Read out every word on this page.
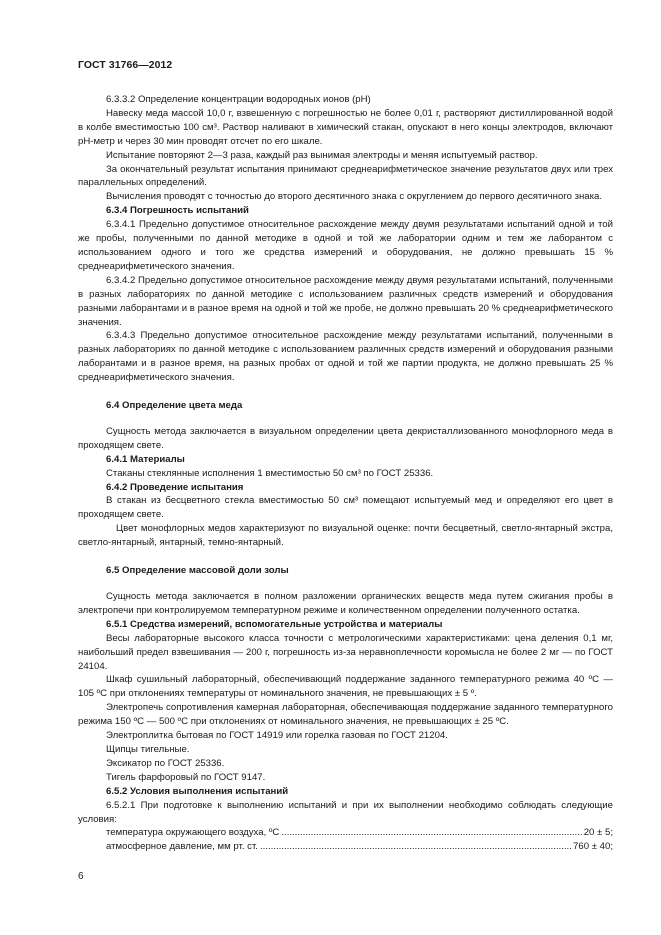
ГОСТ 31766—2012
6.3.3.2 Определение концентрации водородных ионов (pH)
Навеску меда массой 10,0 г, взвешенную с погрешностью не более 0,01 г, растворяют дистиллированной водой в колбе вместимостью 100 см³. Раствор наливают в химический стакан, опускают в него концы электродов, включают pH-метр и через 30 мин проводят отсчет по его шкале.
Испытание повторяют 2—3 раза, каждый раз вынимая электроды и меняя испытуемый раствор.
За окончательный результат испытания принимают среднеарифметическое значение результатов двух или трех параллельных определений.
Вычисления проводят с точностью до второго десятичного знака с округлением до первого десятичного знака.
6.3.4 Погрешность испытаний
6.3.4.1 Предельно допустимое относительное расхождение между двумя результатами испытаний одной и той же пробы, полученными по данной методике в одной и той же лаборатории одним и тем же лаборантом с использованием одного и того же средства измерений и оборудования, не должно превышать 15 % среднеарифметического значения.
6.3.4.2 Предельно допустимое относительное расхождение между двумя результатами испытаний, полученными в разных лабораториях по данной методике с использованием различных средств измерений и оборудования разными лаборантами и в разное время на одной и той же пробе, не должно превышать 20 % среднеарифметического значения.
6.3.4.3 Предельно допустимое относительное расхождение между результатами испытаний, полученными в разных лабораториях по данной методике с использованием различных средств измерений и оборудования разными лаборантами и в разное время, на разных пробах от одной и той же партии продукта, не должно превышать 25 % среднеарифметического значения.
6.4 Определение цвета меда
Сущность метода заключается в визуальном определении цвета декристаллизованного монофлорного меда в проходящем свете.
6.4.1 Материалы
Стаканы стеклянные исполнения 1 вместимостью 50 см³ по ГОСТ 25336.
6.4.2 Проведение испытания
В стакан из бесцветного стекла вместимостью 50 см³ помещают испытуемый мед и определяют его цвет в проходящем свете.
Цвет монофлорных медов характеризуют по визуальной оценке: почти бесцветный, светло-янтарный экстра, светло-янтарный, янтарный, темно-янтарный.
6.5 Определение массовой доли золы
Сущность метода заключается в полном разложении органических веществ меда путем сжигания пробы в электропечи при контролируемом температурном режиме и количественном определении полученного остатка.
6.5.1 Средства измерений, вспомогательные устройства и материалы
Весы лабораторные высокого класса точности с метрологическими характеристиками: цена деления 0,1 мг, наибольший предел взвешивания — 200 г, погрешность из-за неравноплечности коромысла не более 2 мг — по ГОСТ 24104.
Шкаф сушильный лабораторный, обеспечивающий поддержание заданного температурного режима 40 ºC — 105 ºC при отклонениях температуры от номинального значения, не превышающих ± 5 º.
Электропечь сопротивления камерная лабораторная, обеспечивающая поддержание заданного температурного режима 150 ºC — 500 ºC при отклонениях от номинального значения, не превышающих ± 25 ºC.
Электроплитка бытовая по ГОСТ 14919 или горелка газовая по ГОСТ 21204.
Щипцы тигельные.
Эксикатор по ГОСТ 25336.
Тигель фарфоровый по ГОСТ 9147.
6.5.2 Условия выполнения испытаний
6.5.2.1 При подготовке к выполнению испытаний и при их выполнении необходимо соблюдать следующие условия:
температура окружающего воздуха, ºC .....	20 ± 5;
атмосферное давление, мм рт. ст. .....	760 ± 40;
6
